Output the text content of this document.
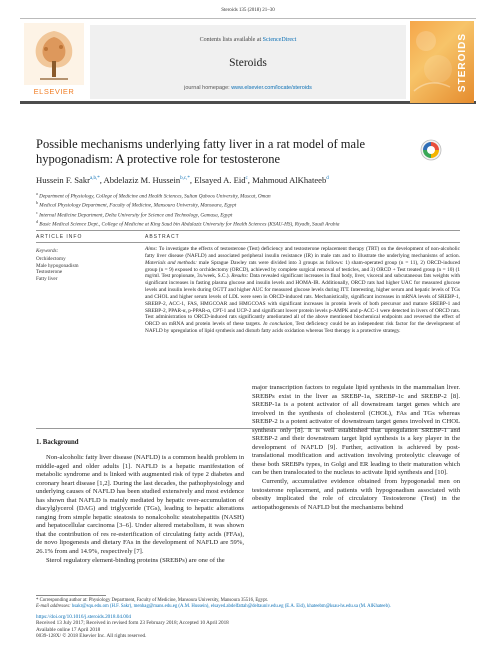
Steroids 135 (2018) 21–30
ELSEVIER
Contents lists available at ScienceDirect
Steroids
journal homepage: www.elsevier.com/locate/steroids	STEROIDS
Possible mechanisms underlying fatty liver in a rat model of male hypogonadism: A protective role for testosterone
Hussein F. Sakr$^{a,b,*}$, Abdelaziz M. Hussein$^{b,c,*}$, Elsayed A. Eid$^c$, Mahmoud AlKhateeb$^d$
$^a$ Department of Physiology, College of Medicine and Health Sciences, Sultan Qaboos University, Muscat, Oman
$^b$ Medical Physiology Department, Faculty of Medicine, Mansoura University, Mansoura, Egypt
$^c$ Internal Medicine Department, Delta University for Science and Technology, Gamasa, Egypt
$^d$ Basic Medical Science Dept., College of Medicine at King Saud bin Abdulaziz University for Health Sciences (KSAU-HS), Riyadh, Saudi Arabia
ARTICLE INFO	ABSTRACT
Keywords:
Orchidectomy
Male hypogonadism
Testosterone
Fatty liver
Aims: To investigate the effects of testosterone (Test) deficiency and testosterone replacement therapy (TRT) on the development of non-alcoholic fatty liver disease (NAFLD) and associated peripheral insulin resistance (IR) in male rats and to illustrate the underlying mechanisms of action. Materials and methods: male Sprague Dawley rats were divided into 3 groups as follows: 1) sham-operated group (n = 11), 2) ORCD-induced group (n = 9) exposed to orchidectomy (ORCD), achieved by complete surgical removal of testicles, and 3) ORCD + Test treated group (n = 10) (1 mg/ml. Test propionate, 3x/week, S.C.). Results: Data revealed significant increases in final body, liver, visceral and subcutaneous fats weights with significant increases in fasting plasma glucose and insulin levels and HOMA-IR. Additionally, ORCD rats had higher UAC for measured glucose levels and insulin levels during OGTT and higher AUC for measured glucose levels during ITT. Interesting, higher serum and hepatic levels of TGs and CHOL and higher serum levels of LDL were seen in ORCD-induced rats. Mechanistically, significant increases in mRNA levels of SREBP-1, SREBP-2, ACC-1, FAS, HMGCOAR and HMGCOAS with significant increases in protein levels of both precursor and mature SREBP-1 and SREBP-2, PPAR-α, p-PPAR-α, CPT-1 and UCP-2 and significant lower protein levels p-AMPK and p-ACC-1 were detected in livers of ORCD rats. Test administration to ORCD-induced rats significantly ameliorated all of the above mentioned biochemical endpoints and reversed the effect of ORCD on mRNA and protein levels of these targets. In conclusion, Test deficiency could be an independent risk factor for the development of NAFLD by upregulation of lipid synthesis and disturb fatty acids oxidation whereas Test therapy is a protective strategy.
1. Background

Non-alcoholic fatty liver disease (NAFLD) is a common health problem in middle-aged and older adults [1]. NAFLD is a hepatic manifestation of metabolic syndrome and is linked with augmented risk of type 2 diabetes and coronary heart disease [1,2]. During the last decades, the pathophysiology and underlying causes of NAFLD has been studied extensively and most evidence has shown that NAFLD is mainly mediated by hepatic over-accumulation of diacylglycerol (DAG) and triglyceride (TGs), leading to hepatic alterations ranging from simple hepatic steatosis to nonalcoholic steatohepatitis (NASH) and hepatocellular carcinoma [3–6]. Under altered metabolism, it was shown that the contribution of res re-esterification of circulating fatty acids (FFAs), de novo lipogenesis and dietary FAs in the development of NAFLD are 59%, 26.1% from and 14.9%, respectively [7].

Sterol regulatory element-binding proteins (SREBPs) are one of the

major transcription factors to regulate lipid synthesis in the mammalian liver. SREBPs exist in the liver as SREBP-1a, SREBP-1c and SREBP-2 [8]. SREBP-1a is a potent activator of all downstream target genes which are involved in the synthesis of cholesterol (CHOL), FAs and TGs whereas SREBP-2 is a potent activator of downstream target genes involved in CHOL synthesis only [8]. It is well established that upregulation SREBP-1 and SREBP-2 and their downstream target lipid synthesis is a key player in the development of NAFLD [9]. Further, activation is achieved by post-translational modification and activation involving proteolytic cleavage of these both SREBPs types, in Golgi and ER leading to their maturation which can be then translocated to the nucleus to activate lipid synthesis and [10].

Currently, accumulative evidence obtained from hypogonadal men on testosterone replacement, and patients with hypogonadism associated with obesity implicated the role of circulatory Testosterone (Test) in the aetiopathogenesis of NAFLD but the mechanisms behind

* Corresponding author at: Physiology Department, Faculty of Medicine, Mansoura University, Mansoura 35516, Egypt.
E-mail addresses: hsakr@squ.edu.om (H.F. Sakr), menhag@mans.edu.eg (A.M. Hussein), elsayed.abdelfattah@deltauniv.edu.eg (E.A. Eid), khateebm@ksau-hs.edu.sa (M. AlKhateeb).
https://doi.org/10.1016/j.steroids.2018.04.004
Received 13 July 2017; Received in revised form 23 February 2018; Accepted 10 April 2018
Available online 17 April 2018
0039-128X/ © 2018 Elsevier Inc. All rights reserved.
